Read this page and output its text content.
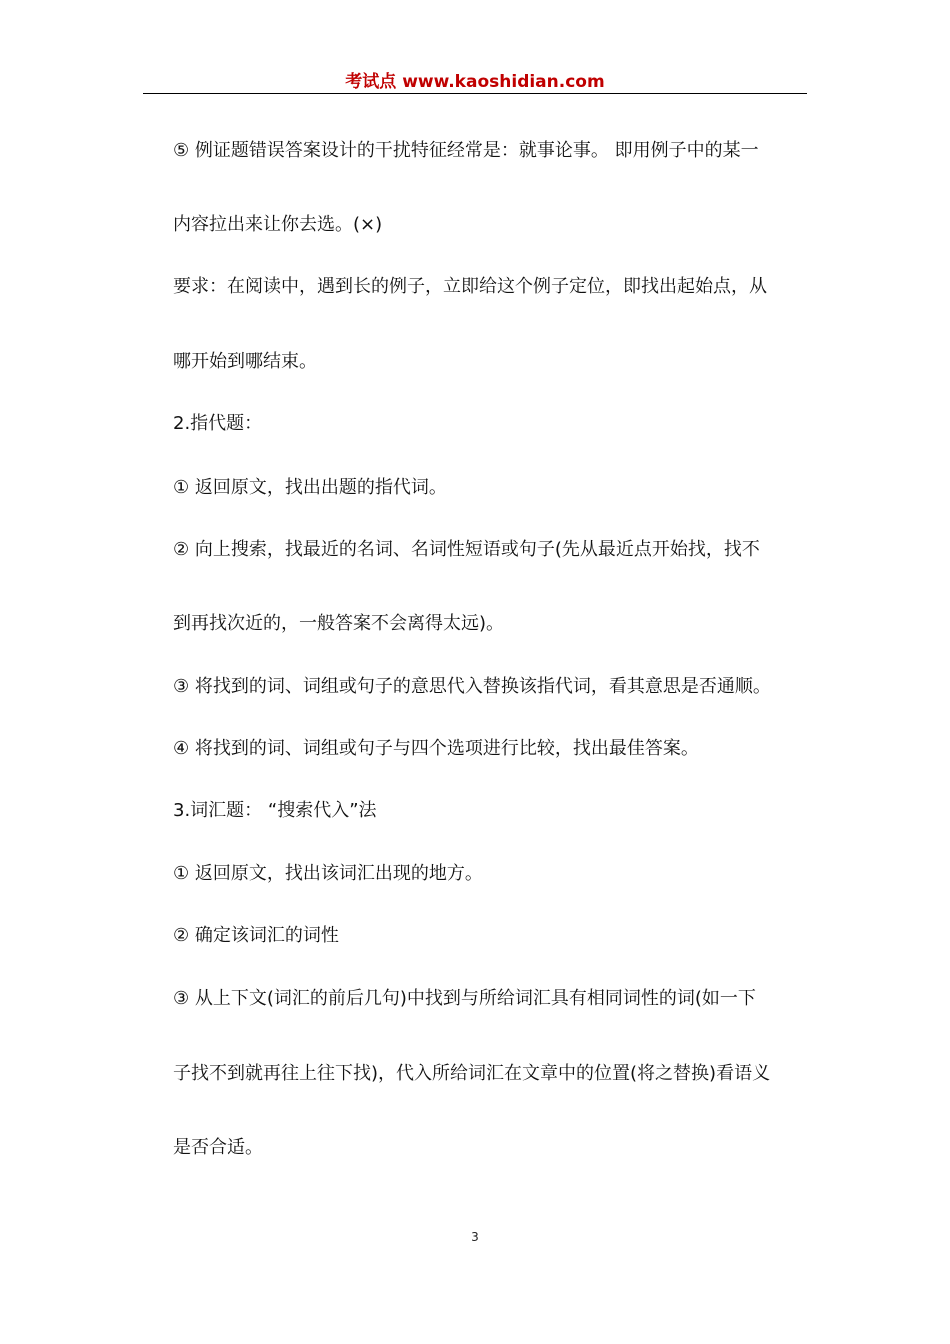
考试点 www.kaoshidian.com
⑤ 例证题错误答案设计的干扰特征经常是：就事论事。 即用例子中的某一
内容拉出来让你去选。(×)
要求：在阅读中，遇到长的例子，立即给这个例子定位，即找出起始点，从
哪开始到哪结束。
2.指代题：
① 返回原文，找出出题的指代词。
② 向上搜索，找最近的名词、名词性短语或句子(先从最近点开始找，找不
到再找次近的，一般答案不会离得太远)。
③ 将找到的词、词组或句子的意思代入替换该指代词，看其意思是否通顺。
④ 将找到的词、词组或句子与四个选项进行比较，找出最佳答案。
3.词汇题： “搜索代入”法
① 返回原文，找出该词汇出现的地方。
② 确定该词汇的词性
③ 从上下文(词汇的前后几句)中找到与所给词汇具有相同词性的词(如一下
子找不到就再往上往下找)，代入所给词汇在文章中的位置(将之替换)看语义
是否合适。
3
